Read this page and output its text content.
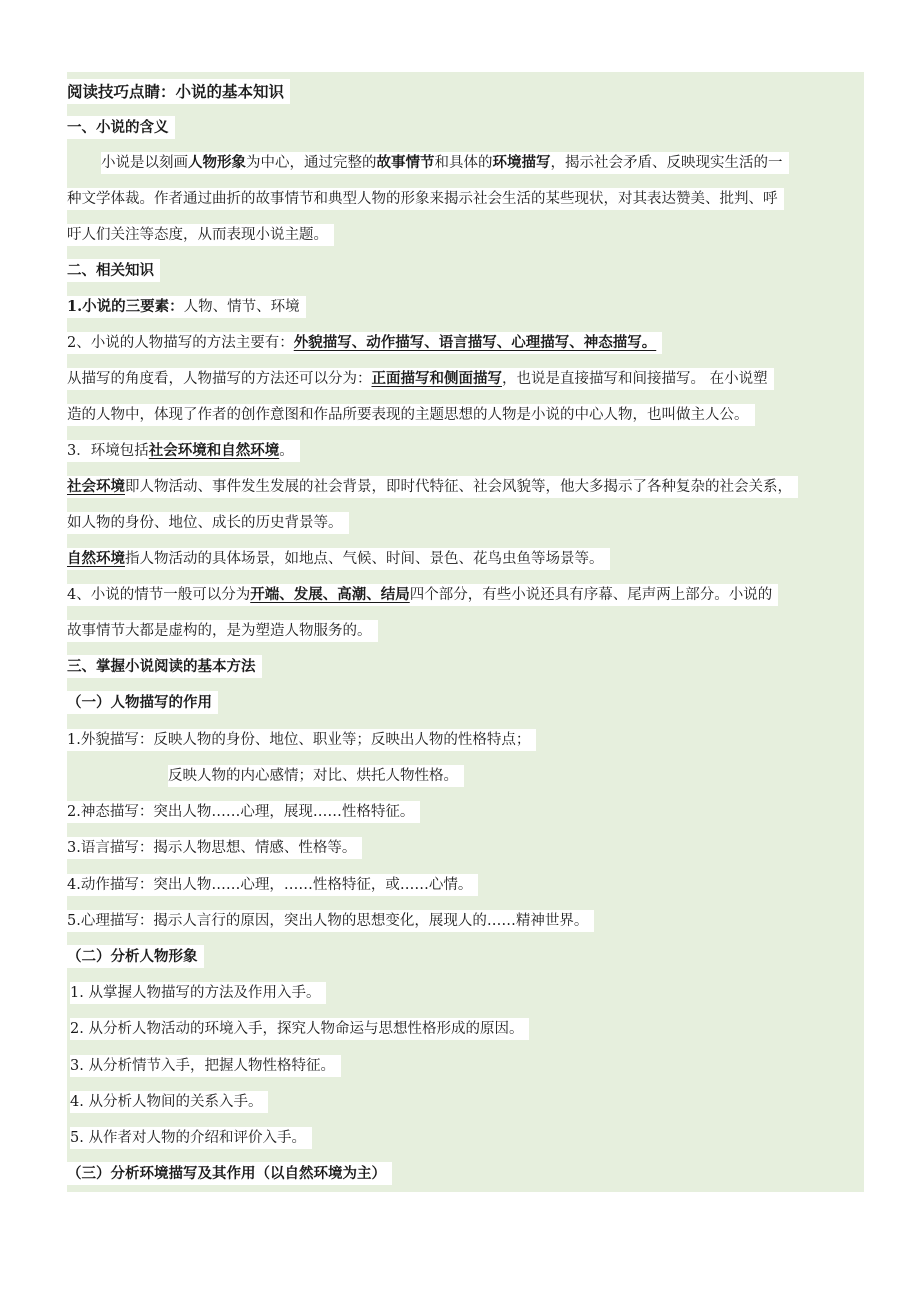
阅读技巧点睛：小说的基本知识
一、小说的含义
小说是以刻画人物形象为中心，通过完整的故事情节和具体的环境描写，揭示社会矛盾、反映现实生活的一
种文学体裁。作者通过曲折的故事情节和典型人物的形象来揭示社会生活的某些现状，对其表达赞美、批判、呼
吁人们关注等态度，从而表现小说主题。
二、相关知识
1.小说的三要素：人物、情节、环境
2、小说的人物描写的方法主要有：外貌描写、动作描写、语言描写、心理描写、神态描写。
从描写的角度看，人物描写的方法还可以分为：正面描写和侧面描写，也说是直接描写和间接描写。 在小说塑
造的人物中，体现了作者的创作意图和作品所要表现的主题思想的人物是小说的中心人物，也叫做主人公。
3．环境包括社会环境和自然环境。
社会环境即人物活动、事件发生发展的社会背景，即时代特征、社会风貌等，他大多揭示了各种复杂的社会关系，
如人物的身份、地位、成长的历史背景等。
自然环境指人物活动的具体场景，如地点、气候、时间、景色、花鸟虫鱼等场景等。
4、小说的情节一般可以分为开端、发展、高潮、结局四个部分，有些小说还具有序幕、尾声两上部分。小说的
故事情节大都是虚构的，是为塑造人物服务的。
三、掌握小说阅读的基本方法
（一）人物描写的作用
1.外貌描写：反映人物的身份、地位、职业等；反映出人物的性格特点；
反映人物的内心感情；对比、烘托人物性格。
2.神态描写：突出人物……心理，展现……性格特征。
3.语言描写：揭示人物思想、情感、性格等。
4.动作描写：突出人物……心理，……性格特征，或……心情。
5.心理描写：揭示人言行的原因，突出人物的思想变化，展现人的……精神世界。
（二）分析人物形象
1. 从掌握人物描写的方法及作用入手。
2. 从分析人物活动的环境入手，探究人物命运与思想性格形成的原因。
3. 从分析情节入手，把握人物性格特征。
4. 从分析人物间的关系入手。
5. 从作者对人物的介绍和评价入手。
（三）分析环境描写及其作用（以自然环境为主）
